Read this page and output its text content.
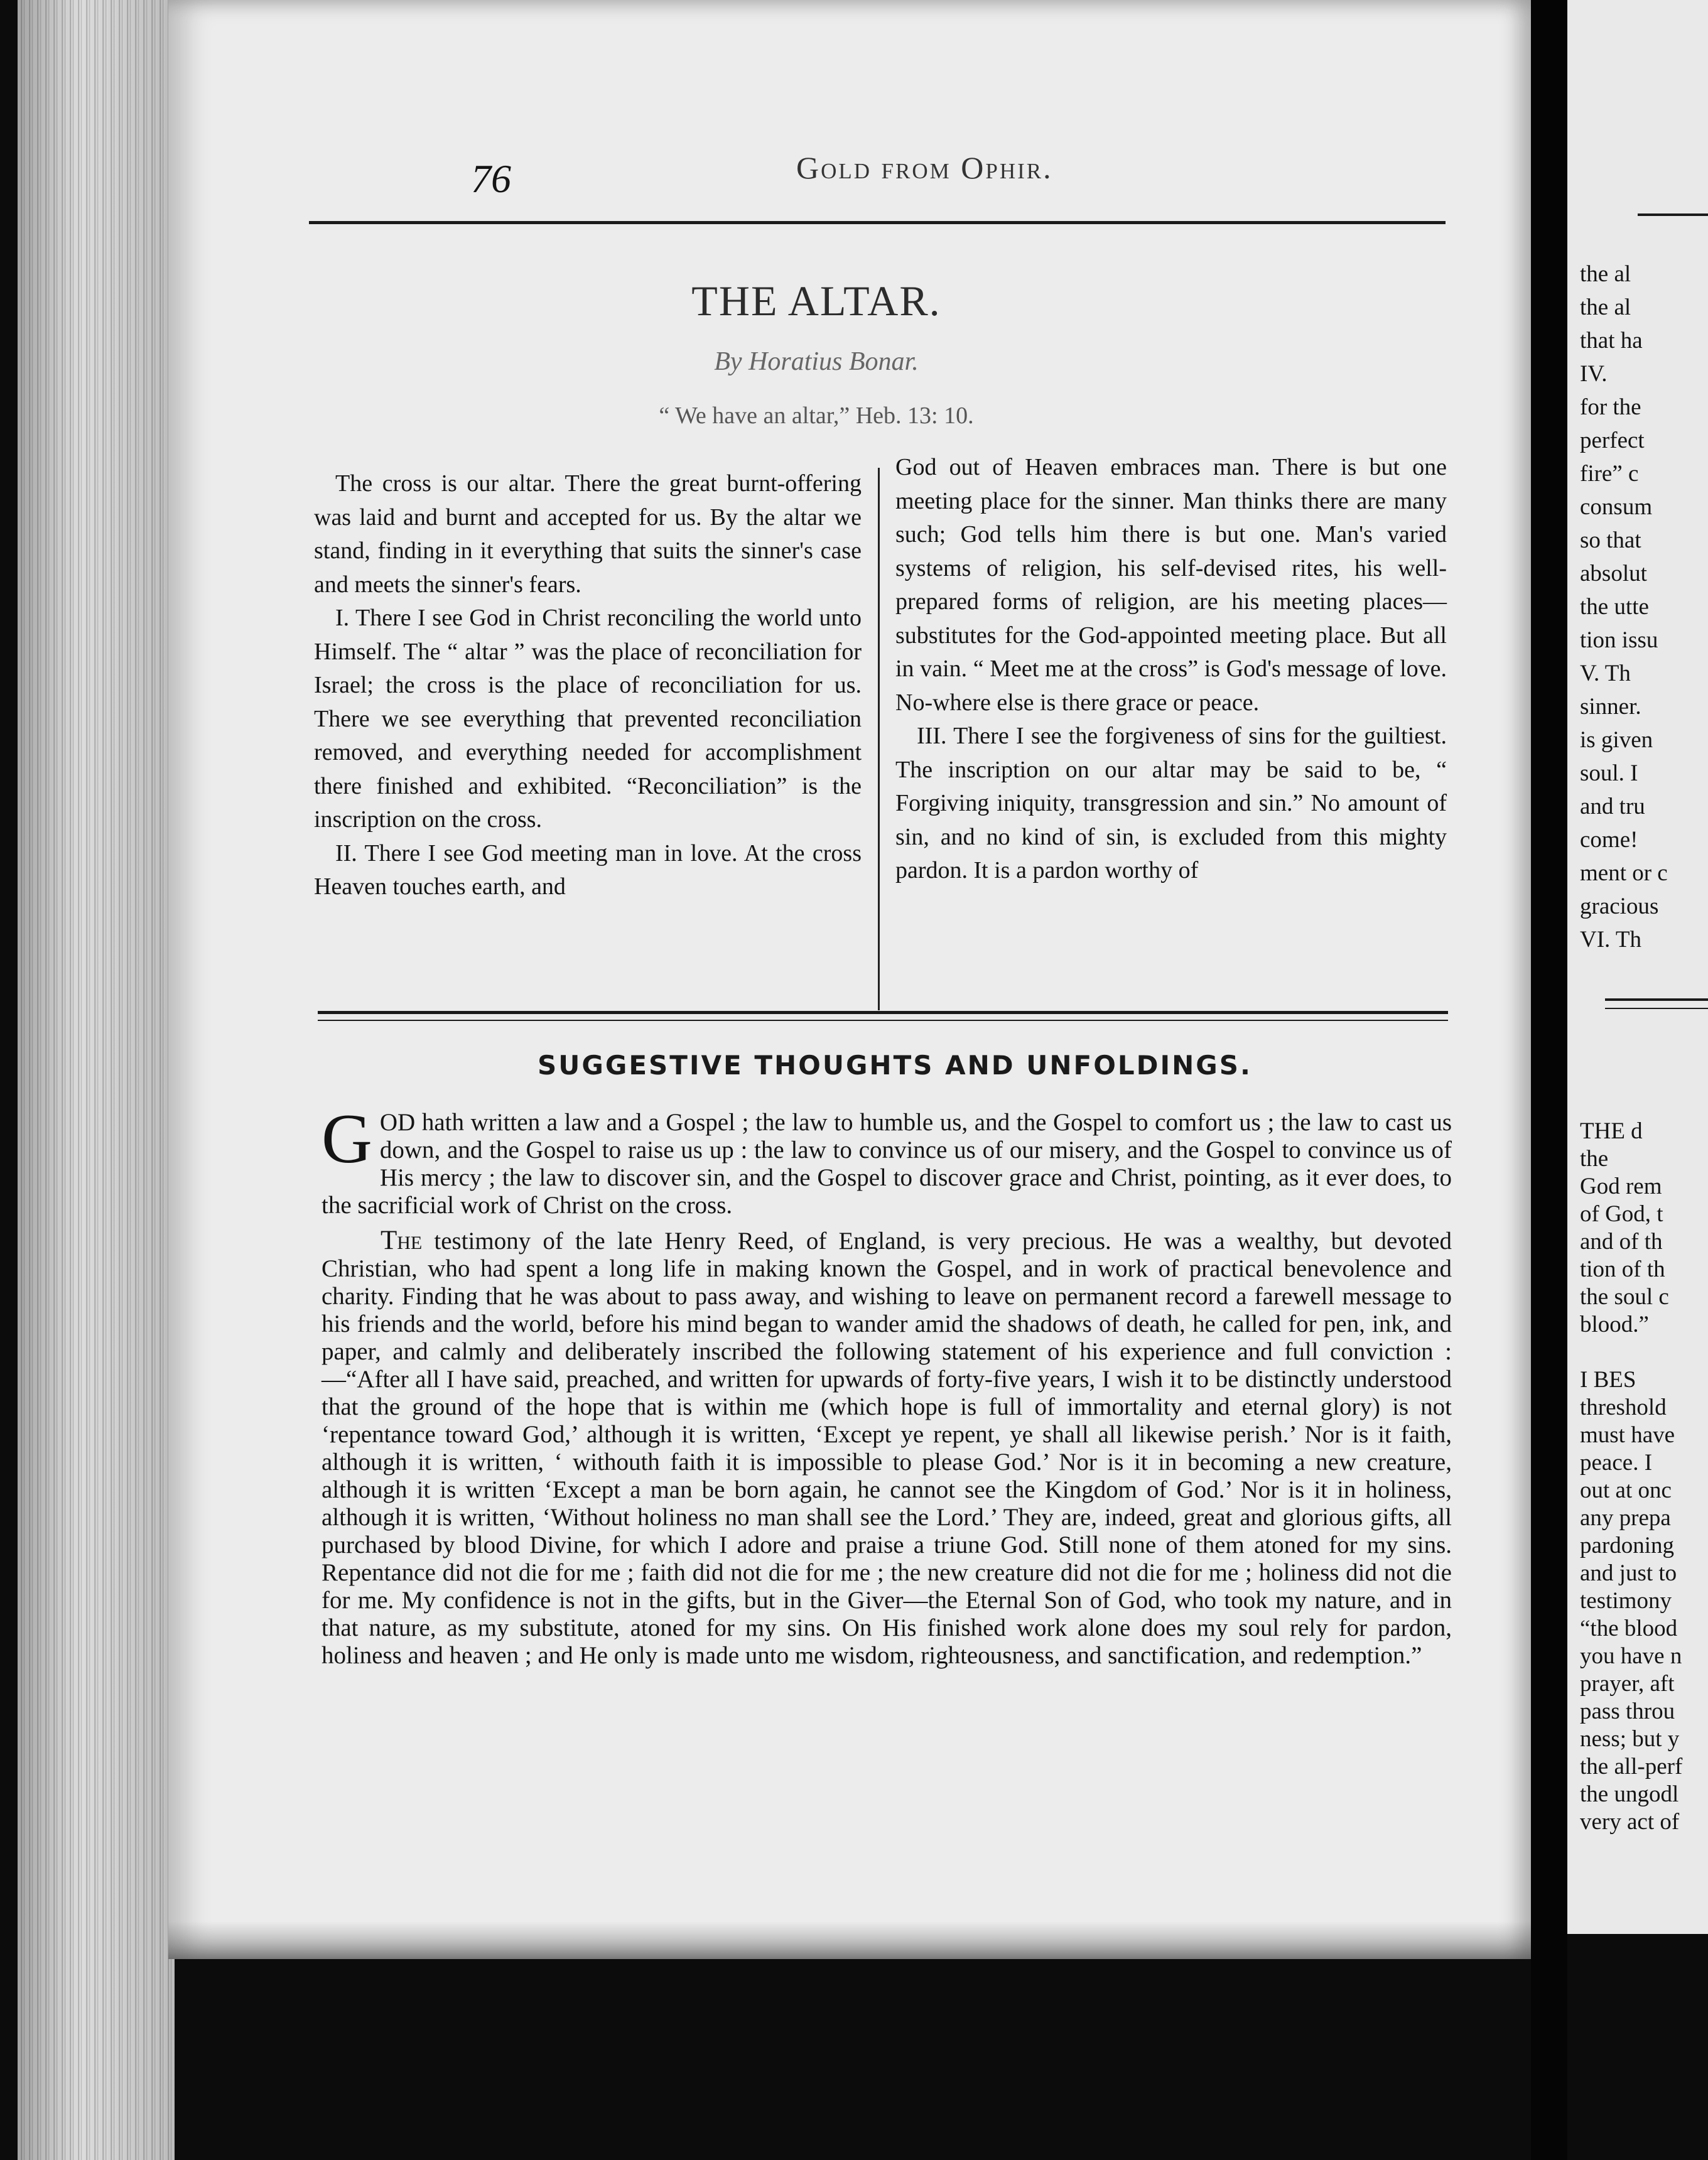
76	Gold from Ophir.
THE ALTAR.
By Horatius Bonar.
“ We have an altar,” Heb. 13: 10.

The cross is our altar. There the great burnt-offering was laid and burnt and accepted for us. By the altar we stand, finding in it everything that suits the sinner's case and meets the sinner's fears.

I. There I see God in Christ reconciling the world unto Himself. The “ altar ” was the place of reconciliation for Israel; the cross is the place of reconciliation for us. There we see everything that prevented reconciliation removed, and everything needed for accomplishment there finished and exhibited. “Reconciliation” is the inscription on the cross.

II. There I see God meeting man in love. At the cross Heaven touches earth, and

God out of Heaven embraces man. There is but one meeting place for the sinner. Man thinks there are many such; God tells him there is but one. Man's varied systems of religion, his self-devised rites, his well-prepared forms of religion, are his meeting places—substitutes for the God-appointed meeting place. But all in vain. “ Meet me at the cross” is God's message of love. No-where else is there grace or peace.

III. There I see the forgiveness of sins for the guiltiest. The inscription on our altar may be said to be, “ Forgiving iniquity, transgression and sin.” No amount of sin, and no kind of sin, is excluded from this mighty pardon. It is a pardon worthy of

SUGGESTIVE THOUGHTS AND UNFOLDINGS.

GOD hath written a law and a Gospel ; the law to humble us, and the Gospel to comfort us ; the law to cast us down, and the Gospel to raise us up : the law to convince us of our misery, and the Gospel to convince us of His mercy ; the law to discover sin, and the Gospel to discover grace and Christ, pointing, as it ever does, to the sacrificial work of Christ on the cross.

The testimony of the late Henry Reed, of England, is very precious. He was a wealthy, but devoted Christian, who had spent a long life in making known the Gospel, and in work of practical benevolence and charity. Finding that he was about to pass away, and wishing to leave on permanent record a farewell message to his friends and the world, before his mind began to wander amid the shadows of death, he called for pen, ink, and paper, and calmly and deliberately inscribed the following statement of his experience and full conviction :—“After all I have said, preached, and written for upwards of forty-five years, I wish it to be distinctly understood that the ground of the hope that is within me (which hope is full of immortality and eternal glory) is not ‘repentance toward God,’ although it is written, ‘Except ye repent, ye shall all likewise perish.’ Nor is it faith, although it is written, ‘ withouth faith it is impossible to please God.’ Nor is it in becoming a new creature, although it is written ‘Except a man be born again, he cannot see the Kingdom of God.’ Nor is it in holiness, although it is written, ‘Without holiness no man shall see the Lord.’ They are, indeed, great and glorious gifts, all purchased by blood Divine, for which I adore and praise a triune God. Still none of them atoned for my sins. Repentance did not die for me ; faith did not die for me ; the new creature did not die for me ; holiness did not die for me. My confidence is not in the gifts, but in the Giver—the Eternal Son of God, who took my nature, and in that nature, as my substitute, atoned for my sins. On His finished work alone does my soul rely for pardon, holiness and heaven ; and He only is made unto me wisdom, righteousness, and sanctification, and redemption.”

the al
the al
that ha
IV.
for the
perfect
fire” c
consum
so that
absolut
the utte
tion issu
V. Th
sinner.
is given
soul. I
and tru
come!
ment or c
gracious
VI. Th
THE d
the
God rem
of God, t
and of th
tion of th
the soul c
blood.”

I BES
threshold
must have
peace. I
out at onc
any prepa
pardoning
and just to
testimony
“the blood
you have n
prayer, aft
pass throu
ness; but y
the all-perf
the ungodl
very act of
